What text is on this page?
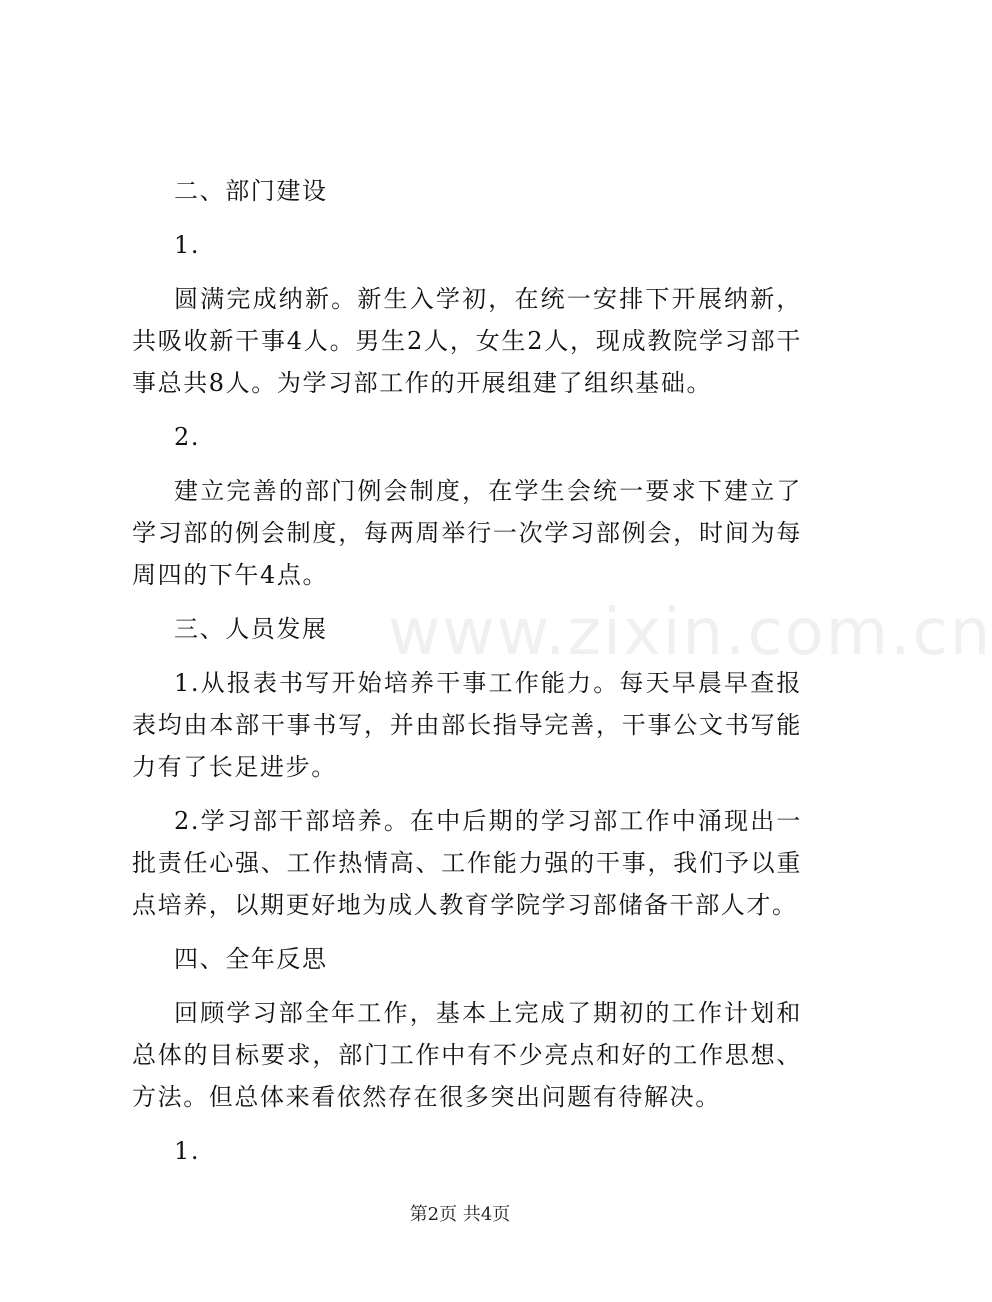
二、部门建设

1.

圆满完成纳新。新生入学初，在统一安排下开展纳新，共吸收新干事4人。男生2人，女生2人，现成教院学习部干事总共8人。为学习部工作的开展组建了组织基础。

2.

建立完善的部门例会制度，在学生会统一要求下建立了学习部的例会制度，每两周举行一次学习部例会，时间为每周四的下午4点。

三、人员发展

1.从报表书写开始培养干事工作能力。每天早晨早查报表均由本部干事书写，并由部长指导完善，干事公文书写能力有了长足进步。

2.学习部干部培养。在中后期的学习部工作中涌现出一批责任心强、工作热情高、工作能力强的干事，我们予以重点培养，以期更好地为成人教育学院学习部储备干部人才。

四、全年反思

回顾学习部全年工作，基本上完成了期初的工作计划和总体的目标要求，部门工作中有不少亮点和好的工作思想、方法。但总体来看依然存在很多突出问题有待解决。

1.

www.zixin.com.cn
第2页 共4页
